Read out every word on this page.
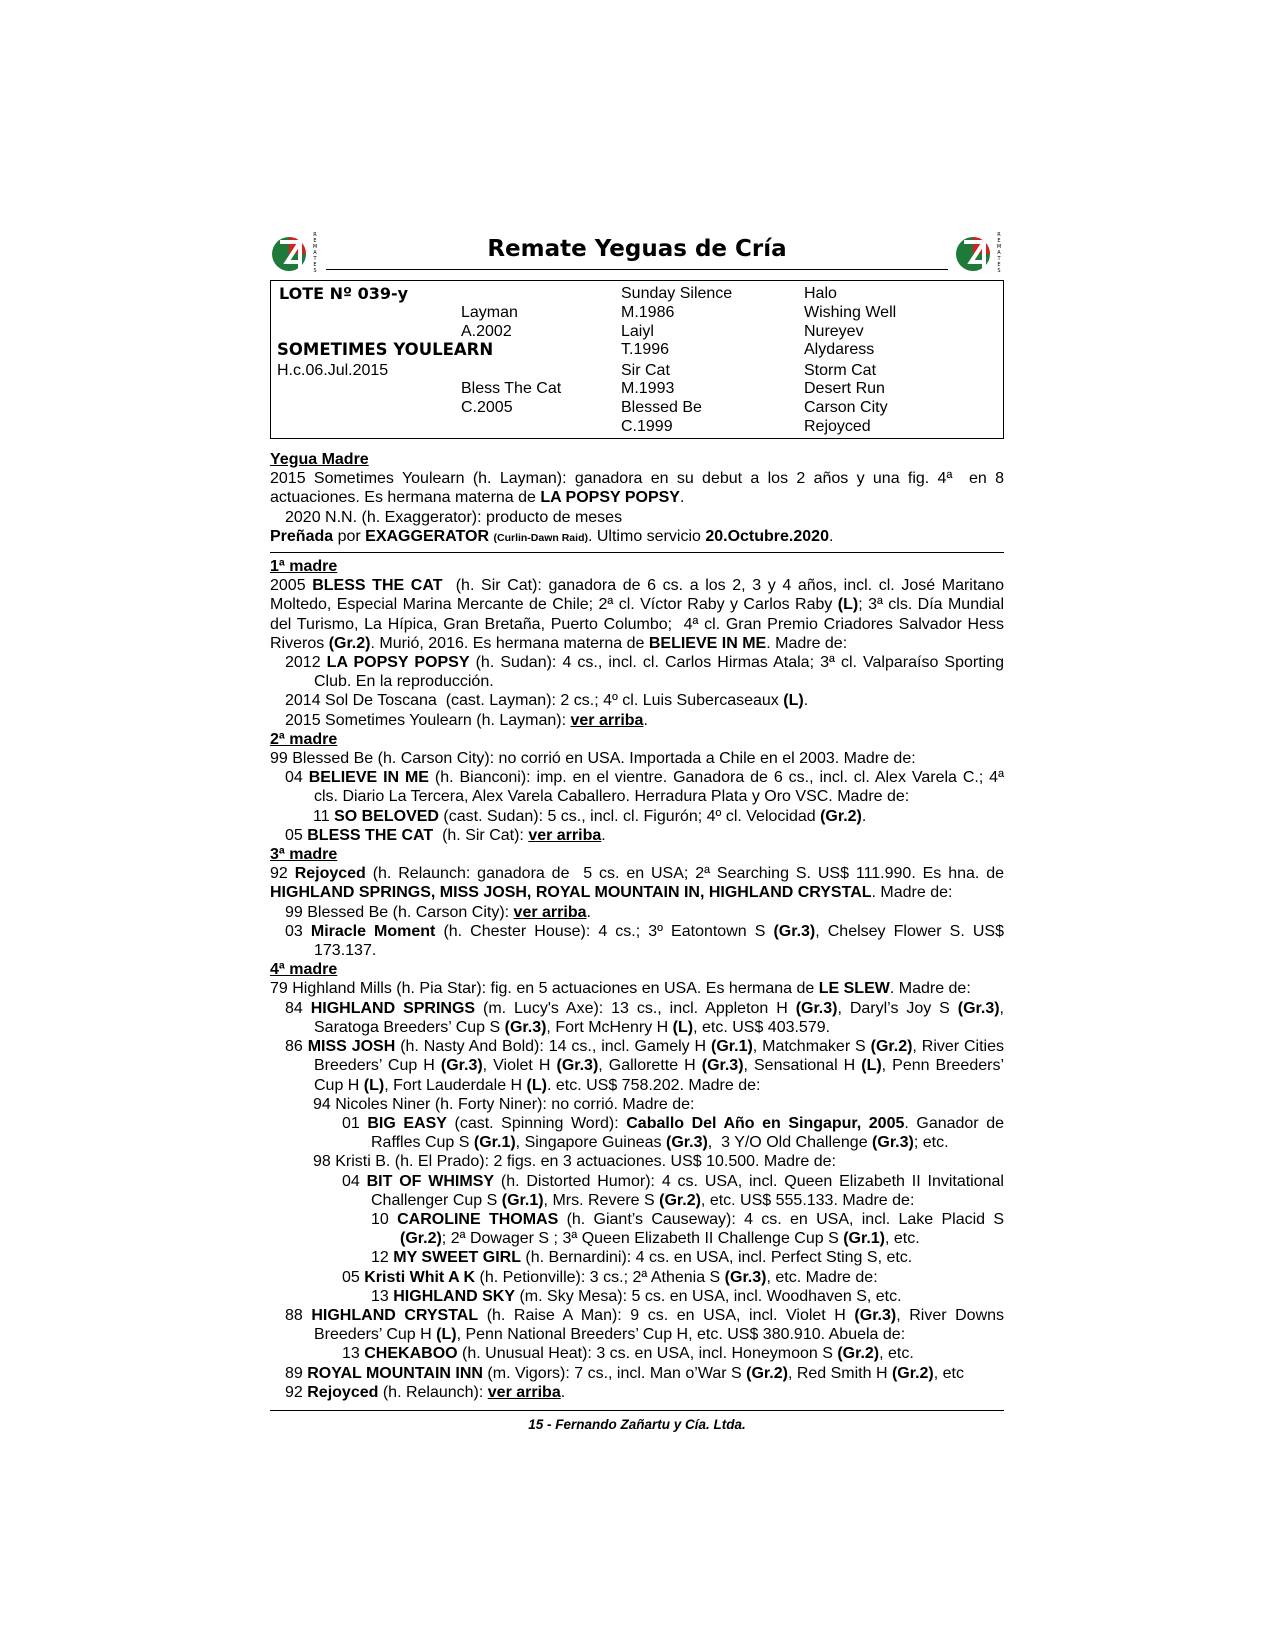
R
E
M
A
T
E
S
Remate Yeguas de Cría
R
E
M
A
T
E
S
LOTE Nº 039-y
SOMETIMES YOULEARN
H.c.06.Jul.2015
Layman
A.2002
Bless The Cat
C.2005
Sunday Silence
M.1986
Laiyl
T.1996
Sir Cat
M.1993
Blessed Be
C.1999
Halo
Wishing Well
Nureyev
Alydaress
Storm Cat
Desert Run
Carson City
Rejoyced

Yegua Madre

2015 Sometimes Youlearn (h. Layman): ganadora en su debut a los 2 años y una fig. 4ª  en 8 actuaciones. Es hermana materna de LA POPSY POPSY.

2020 N.N. (h. Exaggerator): producto de meses

Preñada por EXAGGERATOR (Curlin-Dawn Raid). Ultimo servicio 20.Octubre.2020.

1ª madre

2005 BLESS THE CAT  (h. Sir Cat): ganadora de 6 cs. a los 2, 3 y 4 años, incl. cl. José Maritano Moltedo, Especial Marina Mercante de Chile; 2ª cl. Víctor Raby y Carlos Raby (L); 3ª cls. Día Mundial del Turismo, La Hípica, Gran Bretaña, Puerto Columbo;  4ª cl. Gran Premio Criadores Salvador Hess Riveros (Gr.2). Murió, 2016. Es hermana materna de BELIEVE IN ME. Madre de:

2012 LA POPSY POPSY (h. Sudan): 4 cs., incl. cl. Carlos Hirmas Atala; 3ª cl. Valparaíso Sporting Club. En la reproducción.

2014 Sol De Toscana  (cast. Layman): 2 cs.; 4º cl. Luis Subercaseaux (L).

2015 Sometimes Youlearn (h. Layman): ver arriba.

2ª madre

99 Blessed Be (h. Carson City): no corrió en USA. Importada a Chile en el 2003. Madre de:

04 BELIEVE IN ME (h. Bianconi): imp. en el vientre. Ganadora de 6 cs., incl. cl. Alex Varela C.; 4ª cls. Diario La Tercera, Alex Varela Caballero. Herradura Plata y Oro VSC. Madre de:

11 SO BELOVED (cast. Sudan): 5 cs., incl. cl. Figurón; 4º cl. Velocidad (Gr.2).

05 BLESS THE CAT  (h. Sir Cat): ver arriba.

3ª madre

92 Rejoyced (h. Relaunch: ganadora de  5 cs. en USA; 2ª Searching S. US$ 111.990. Es hna. de HIGHLAND SPRINGS, MISS JOSH, ROYAL MOUNTAIN IN, HIGHLAND CRYSTAL. Madre de:

99 Blessed Be (h. Carson City): ver arriba.

03 Miracle Moment (h. Chester House): 4 cs.; 3º Eatontown S (Gr.3), Chelsey Flower S. US$ 173.137.

4ª madre

79 Highland Mills (h. Pia Star): fig. en 5 actuaciones en USA. Es hermana de LE SLEW. Madre de:

84 HIGHLAND SPRINGS (m. Lucy's Axe): 13 cs., incl. Appleton H (Gr.3), Daryl’s Joy S (Gr.3), Saratoga Breeders’ Cup S (Gr.3), Fort McHenry H (L), etc. US$ 403.579.

86 MISS JOSH (h. Nasty And Bold): 14 cs., incl. Gamely H (Gr.1), Matchmaker S (Gr.2), River Cities Breeders’ Cup H (Gr.3), Violet H (Gr.3), Gallorette H (Gr.3), Sensational H (L), Penn Breeders’ Cup H (L), Fort Lauderdale H (L). etc. US$ 758.202. Madre de:

94 Nicoles Niner (h. Forty Niner): no corrió. Madre de:

01 BIG EASY (cast. Spinning Word): Caballo Del Año en Singapur, 2005. Ganador de Raffles Cup S (Gr.1), Singapore Guineas (Gr.3),  3 Y/O Old Challenge (Gr.3); etc.

98 Kristi B. (h. El Prado): 2 figs. en 3 actuaciones. US$ 10.500. Madre de:

04 BIT OF WHIMSY (h. Distorted Humor): 4 cs. USA, incl. Queen Elizabeth II Invitational Challenger Cup S (Gr.1), Mrs. Revere S (Gr.2), etc. US$ 555.133. Madre de:

10 CAROLINE THOMAS (h. Giant’s Causeway): 4 cs. en USA, incl. Lake Placid S (Gr.2); 2ª Dowager S ; 3ª Queen Elizabeth II Challenge Cup S (Gr.1), etc.

12 MY SWEET GIRL (h. Bernardini): 4 cs. en USA, incl. Perfect Sting S, etc.

05 Kristi Whit A K (h. Petionville): 3 cs.; 2ª Athenia S (Gr.3), etc. Madre de:

13 HIGHLAND SKY (m. Sky Mesa): 5 cs. en USA, incl. Woodhaven S, etc.

88 HIGHLAND CRYSTAL (h. Raise A Man): 9 cs. en USA, incl. Violet H (Gr.3), River Downs Breeders’ Cup H (L), Penn National Breeders’ Cup H, etc. US$ 380.910. Abuela de:

13 CHEKABOO (h. Unusual Heat): 3 cs. en USA, incl. Honeymoon S (Gr.2), etc.

89 ROYAL MOUNTAIN INN (m. Vigors): 7 cs., incl. Man o’War S (Gr.2), Red Smith H (Gr.2), etc

92 Rejoyced (h. Relaunch): ver arriba.

15 - Fernando Zañartu y Cía. Ltda.
